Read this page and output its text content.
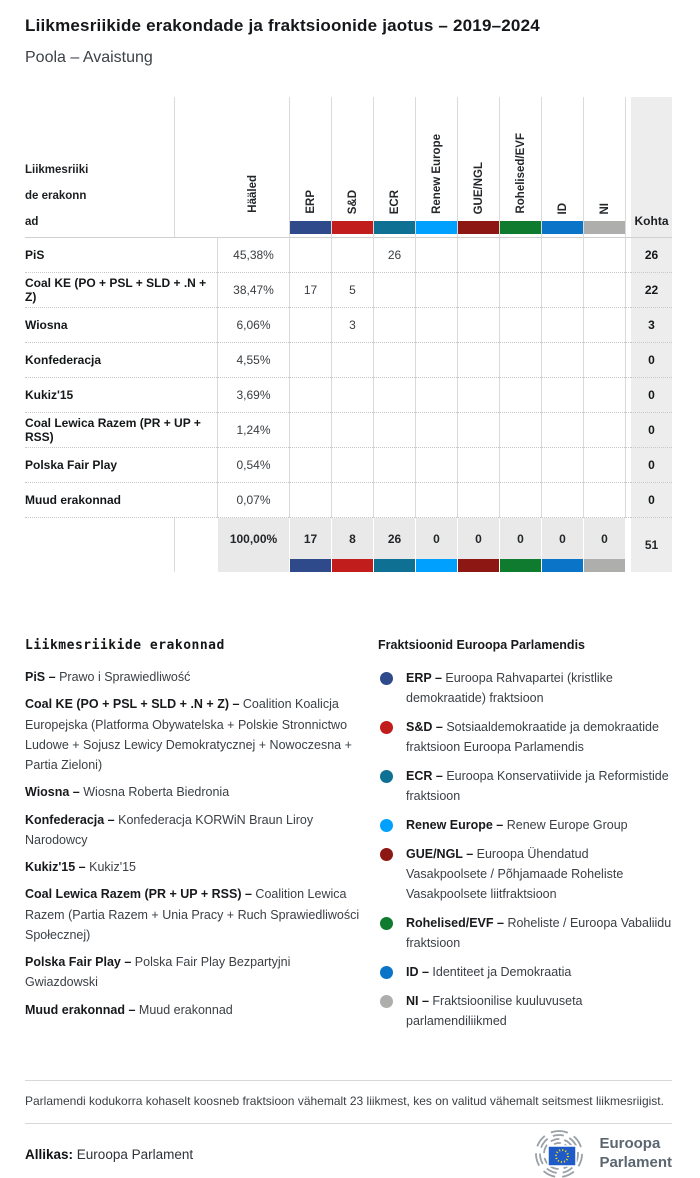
Liikmesriikide erakondade ja fraktsioonide jaotus – 2019–2024
Poola – Avaistung
Liikmesriikide erakonnad	Hääled	ERP	S&D	ECR	Renew Europe	GUE/NGL	Rohelised/EVF	ID	NI		Kohta

PiS	45,38%			26							26
Coal KE (PO + PSL + SLD + .N + Z)	38,47%	17	5								22
Wiosna	6,06%		3								3
Konfederacja	4,55%										0
Kukiz'15	3,69%										0
Coal Lewica Razem (PR + UP + RSS)	1,24%										0
Polska Fair Play	0,54%										0
Muud erakonnad	0,07%										0

100,00%	17	8	26	0	0	0	0	0		51
Liikmesriikide erakonnad
PiS – Prawo i Sprawiedliwość
Coal KE (PO + PSL + SLD + .N + Z) – Coalition Koalicja Europejska (Platforma Obywatelska + Polskie Stronnictwo Ludowe + Sojusz Lewicy Demokratycznej + Nowoczesna + Partia Zieloni)
Wiosna – Wiosna Roberta Biedronia
Konfederacja – Konfederacja KORWiN Braun Liroy Narodowcy
Kukiz'15 – Kukiz'15
Coal Lewica Razem (PR + UP + RSS) – Coalition Lewica Razem (Partia Razem + Unia Pracy + Ruch Sprawiedliwości Społecznej)
Polska Fair Play – Polska Fair Play Bezpartyjni Gwiazdowski
Muud erakonnad – Muud erakonnad
Fraktsioonid Euroopa Parlamendis
ERP – Euroopa Rahvapartei (kristlike demokraatide) fraktsioon
S&D – Sotsiaaldemokraatide ja demokraatide fraktsioon Euroopa Parlamendis
ECR – Euroopa Konservatiivide ja Reformistide fraktsioon
Renew Europe – Renew Europe Group
GUE/NGL – Euroopa Ühendatud Vasakpoolsete / Põhjamaade Roheliste Vasakpoolsete liitfraktsioon
Rohelised/EVF – Roheliste / Euroopa Vabaliidu fraktsioon
ID – Identiteet ja Demokraatia
NI – Fraktsioonilise kuuluvuseta parlamendiliikmed
Parlamendi kodukorra kohaselt koosneb fraktsioon vähemalt 23 liikmest, kes on valitud vähemalt seitsmest liikmesriigist.
Allikas: Euroopa Parlament
Euroopa
Parlament
